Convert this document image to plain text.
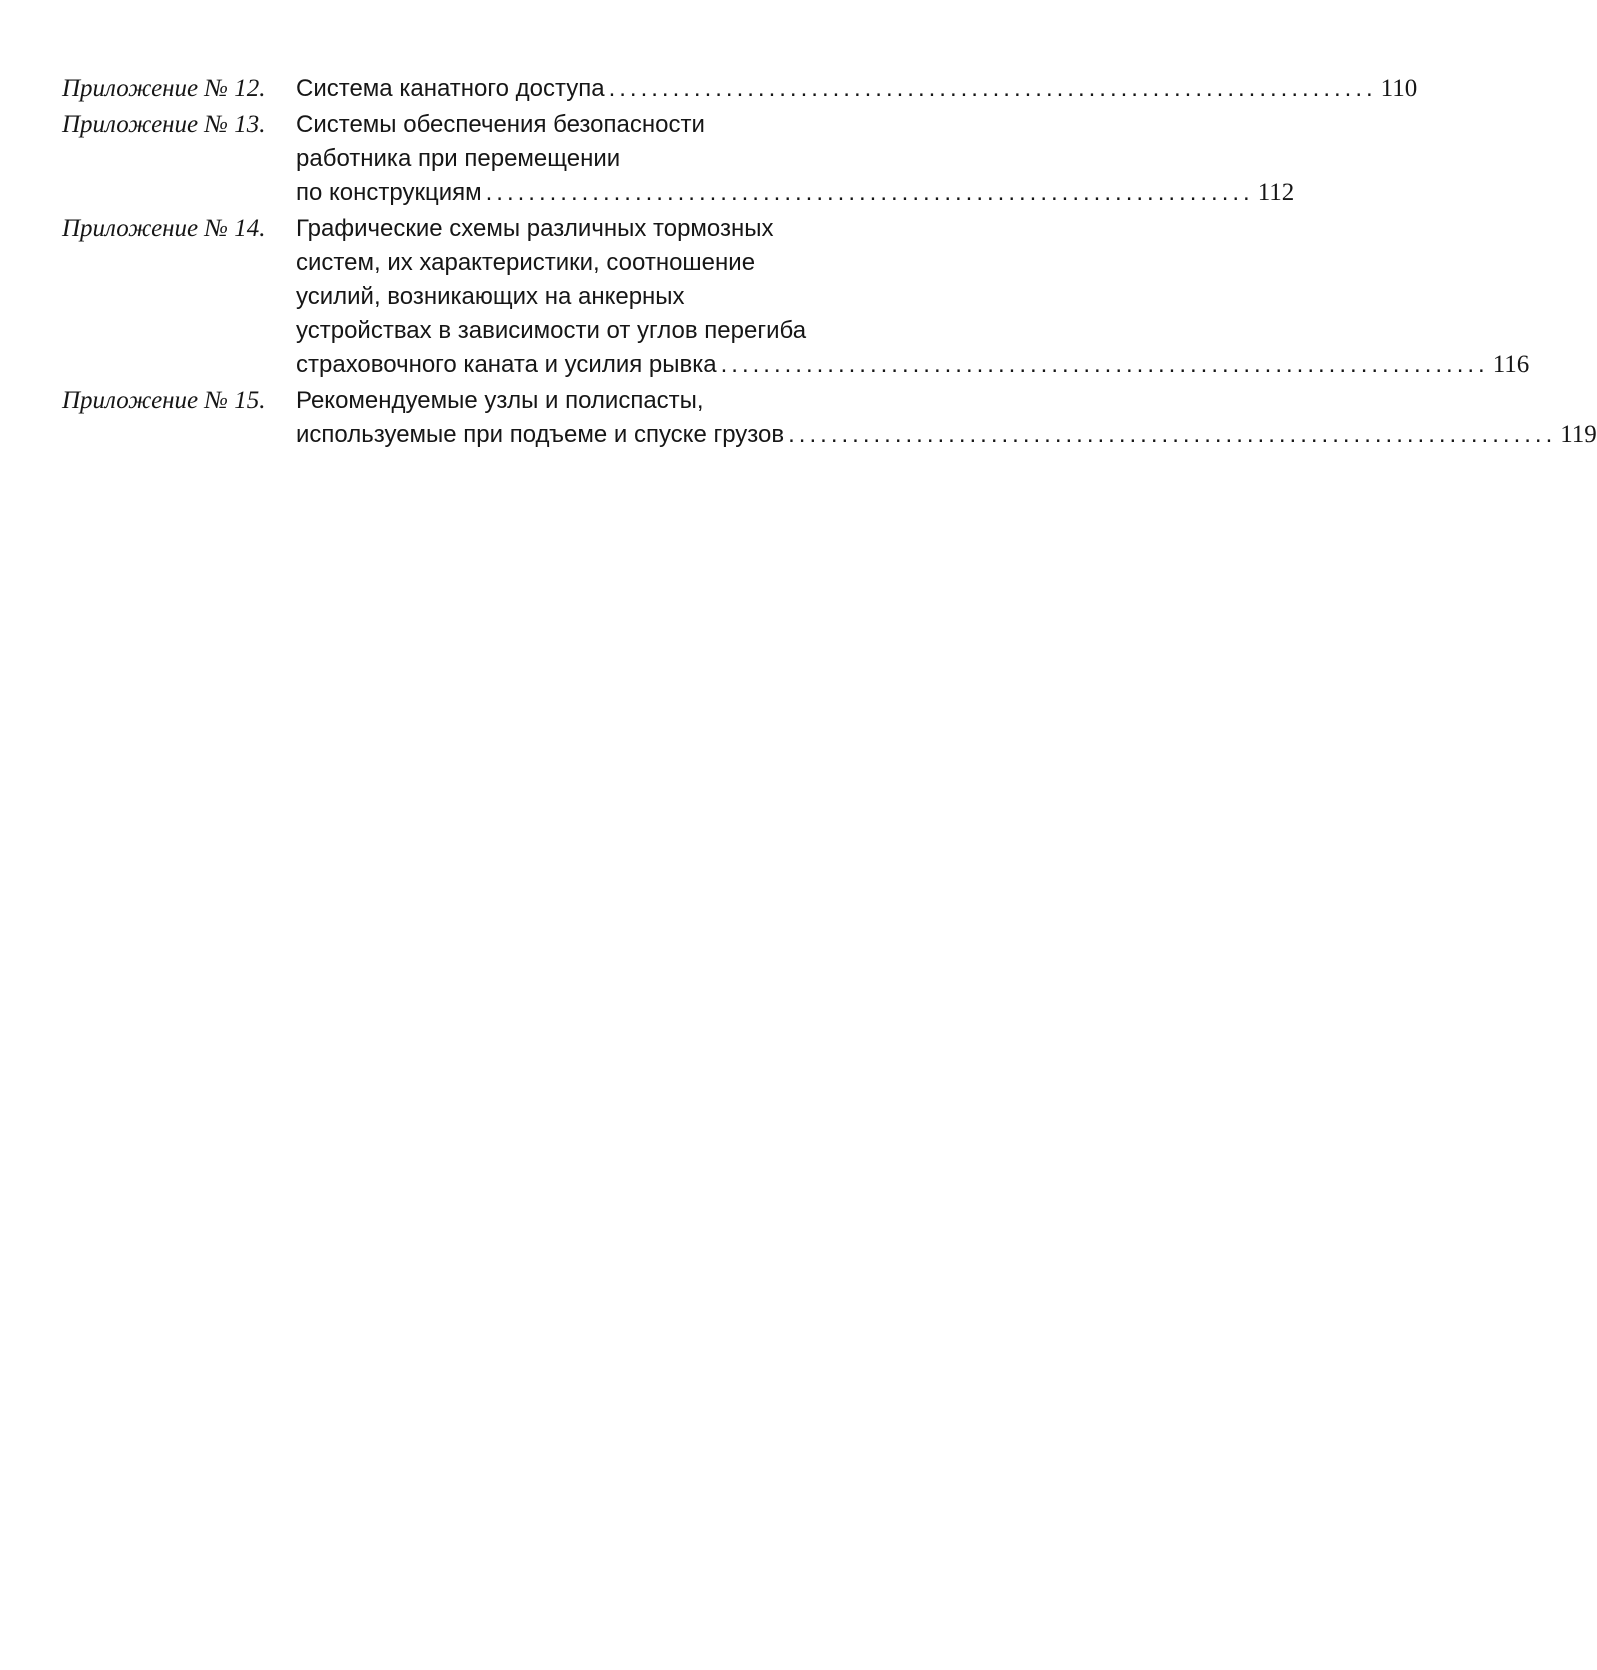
Приложение № 12.	Система канатного доступа ........................................................................ 110
Приложение № 13.	Системы обеспечения безопасности
работника при перемещении
по конструкциям ........................................................................ 112
Приложение № 14.	Графические схемы различных тормозных
систем, их характеристики, соотношение
усилий, возникающих на анкерных
устройствах в зависимости от углов перегиба
страховочного каната и усилия рывка ........................................................................ 116
Приложение № 15.	Рекомендуемые узлы и полиспасты,
используемые при подъеме и спуске грузов ........................................................................ 119
